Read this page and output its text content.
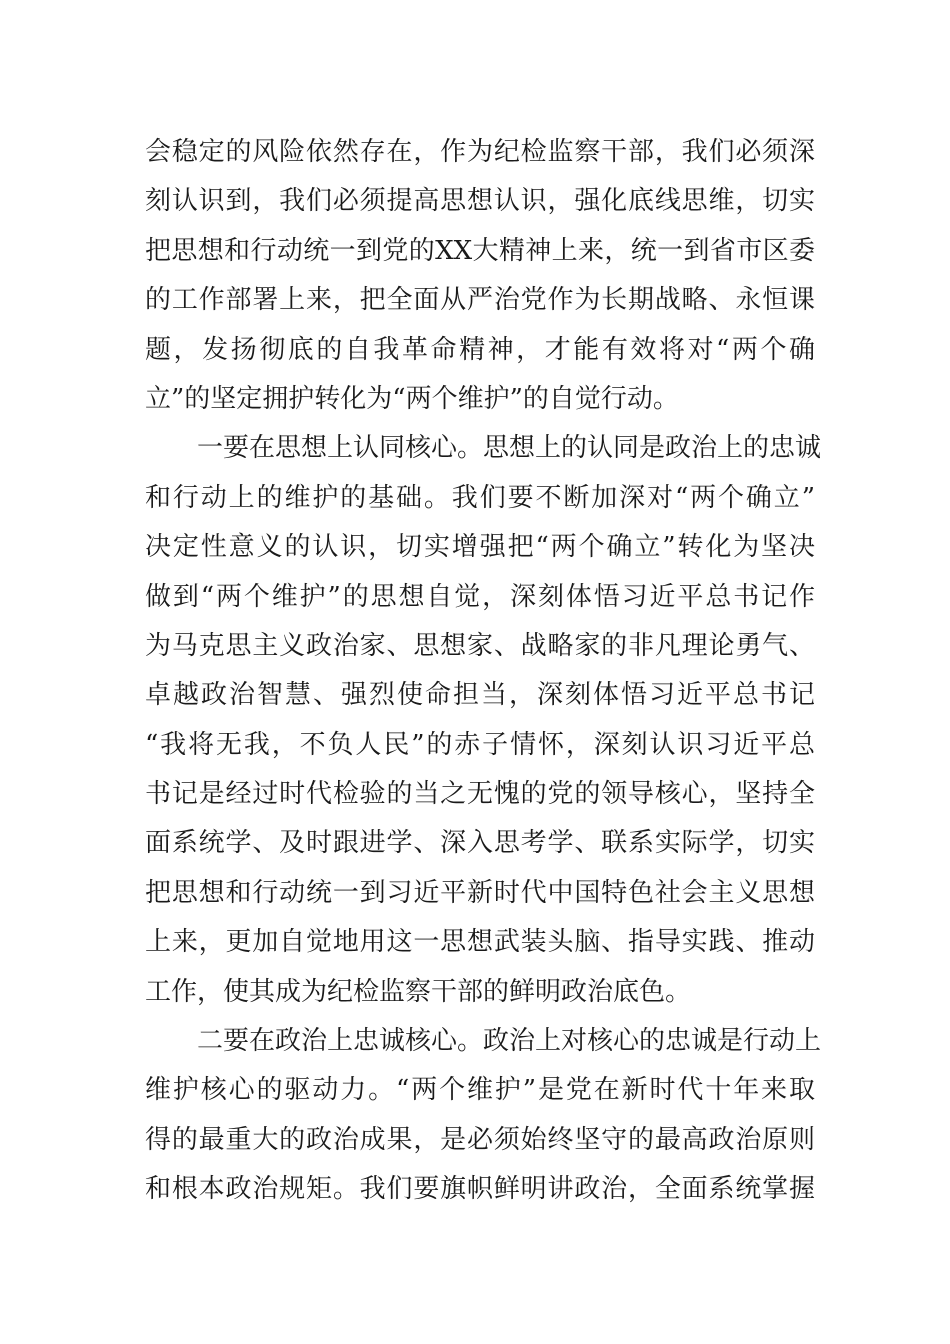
会稳定的风险依然存在，作为纪检监察干部，我们必须深
刻认识到，我们必须提高思想认识，强化底线思维，切实
把思想和行动统一到党的XX大精神上来，统一到省市区委
的工作部署上来，把全面从严治党作为长期战略、永恒课
题，发扬彻底的自我革命精神，才能有效将对“两个确
立”的坚定拥护转化为“两个维护”的自觉行动。
一要在思想上认同核心。思想上的认同是政治上的忠诚
和行动上的维护的基础。我们要不断加深对“两个确立”
决定性意义的认识，切实增强把“两个确立”转化为坚决
做到“两个维护”的思想自觉，深刻体悟习近平总书记作
为马克思主义政治家、思想家、战略家的非凡理论勇气、
卓越政治智慧、强烈使命担当，深刻体悟习近平总书记
“我将无我，不负人民”的赤子情怀，深刻认识习近平总
书记是经过时代检验的当之无愧的党的领导核心，坚持全
面系统学、及时跟进学、深入思考学、联系实际学，切实
把思想和行动统一到习近平新时代中国特色社会主义思想
上来，更加自觉地用这一思想武装头脑、指导实践、推动
工作，使其成为纪检监察干部的鲜明政治底色。
二要在政治上忠诚核心。政治上对核心的忠诚是行动上
维护核心的驱动力。“两个维护”是党在新时代十年来取
得的最重大的政治成果，是必须始终坚守的最高政治原则
和根本政治规矩。我们要旗帜鲜明讲政治，全面系统掌握
